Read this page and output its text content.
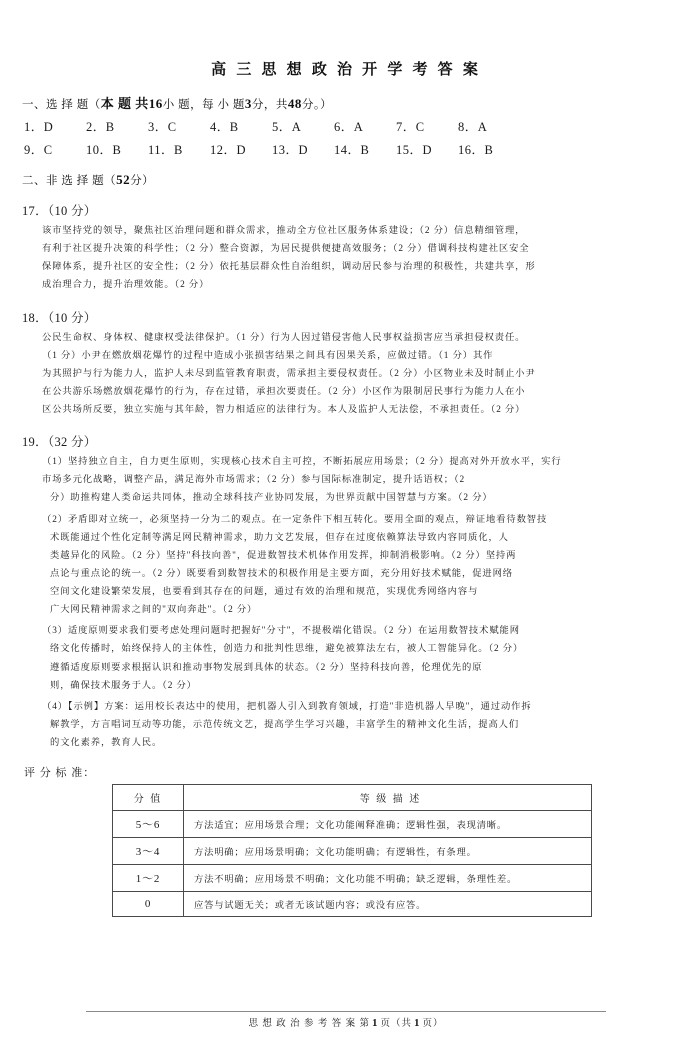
高 三 思 想 政 治 开 学 考 答 案
一、选 择 题（本 题 共16小 题，每 小 题3分，共48分。）
1．D	2．B	3．C	4．B	5．A	6．A	7．C	8．A
9．C	10．B	11．B	12．D	13．D	14．B	15．D	16．B
二、非 选 择 题（52分）
17．（10 分）
该市坚持党的领导，聚焦社区治理问题和群众需求，推动全方位社区服务体系建设；（2 分）信息精细管理，
有利于社区提升决策的科学性；（2 分）整合资源，为居民提供便捷高效服务；（2 分）借调科技构建社区安全
保障体系，提升社区的安全性；（2 分）依托基层群众性自治组织，调动居民参与治理的积极性，共建共享，形
成治理合力，提升治理效能。（2 分）
18．（10 分）
公民生命权、身体权、健康权受法律保护。（1 分）行为人因过错侵害他人民事权益损害应当承担侵权责任。
（1 分）小尹在燃放烟花爆竹的过程中造成小张损害结果之间具有因果关系，应做过错。（1 分）其作
为其照护与行为能力人，监护人未尽到监管教育职责，需承担主要侵权责任。（2 分）小区物业未及时制止小尹
在公共游乐场燃放烟花爆竹的行为，存在过错，承担次要责任。（2 分）小区作为限制居民事行为能力人在小
区公共场所反要，独立实施与其年龄，智力相适应的法律行为。本人及监护人无法偿，不承担责任。（2 分）
19．（32 分）
（1）坚持独立自主，自力更生原则，实现核心技术自主可控，不断拓展应用场景；（2 分）提高对外开放水平，实行
市场多元化战略，调整产品，满足海外市场需求；（2 分）参与国际标准制定，提升话语权；（2
分）助推构建人类命运共同体，推动全球科技产业协同发展，为世界贡献中国智慧与方案。（2 分）
（2）矛盾即对立统一，必须坚持一分为二的观点。在一定条件下相互转化。要用全面的观点，辩证地看待数智技
术既能通过个性化定制等满足网民精神需求，助力文艺发展，但存在过度依赖算法导致内容同质化，人
类越异化的风险。（2 分）坚持"科技向善"，促进数智技术机体作用发挥，抑制消极影响。（2 分）坚持两
点论与重点论的统一。（2 分）既要看到数智技术的积极作用是主要方面，充分用好技术赋能，促进网络
空间文化建设繁荣发展，也要看到其存在的问题，通过有效的治理和规范，实现优秀网络内容与
广大网民精神需求之间的"双向奔赴"。（2 分）
（3）适度原则要求我们要考虑处理问题时把握好"分寸"，不提极端化错误。（2 分）在运用数智技术赋能网
络文化传播时，始终保持人的主体性，创造力和批判性思维，避免被算法左右，被人工智能异化。（2 分）
遵循适度原则要求根据认识和推动事物发展到具体的状态。（2 分）坚持科技向善，伦理优先的原
则，确保技术服务于人。（2 分）
（4）【示例】方案：运用校长表达中的使用，把机器人引入到教育领域，打造"非造机器人早晚"，通过动作拆
解教学，方言唱词互动等功能，示范传统文艺，提高学生学习兴趣，丰富学生的精神文化生活，提高人们
的文化素养，教育人民。
评 分 标 准：
分 值	等 级 描 述
5～6	方法适宜；应用场景合理；文化功能阐释准确；逻辑性强，表现清晰。
3～4	方法明确；应用场景明确；文化功能明确；有逻辑性，有条理。
1～2	方法不明确；应用场景不明确；文化功能不明确；缺乏逻辑，条理性差。
0	应答与试题无关；或者无该试题内容；或没有应答。
思 想 政 治 参 考 答 案 第 1 页（共 1 页）
